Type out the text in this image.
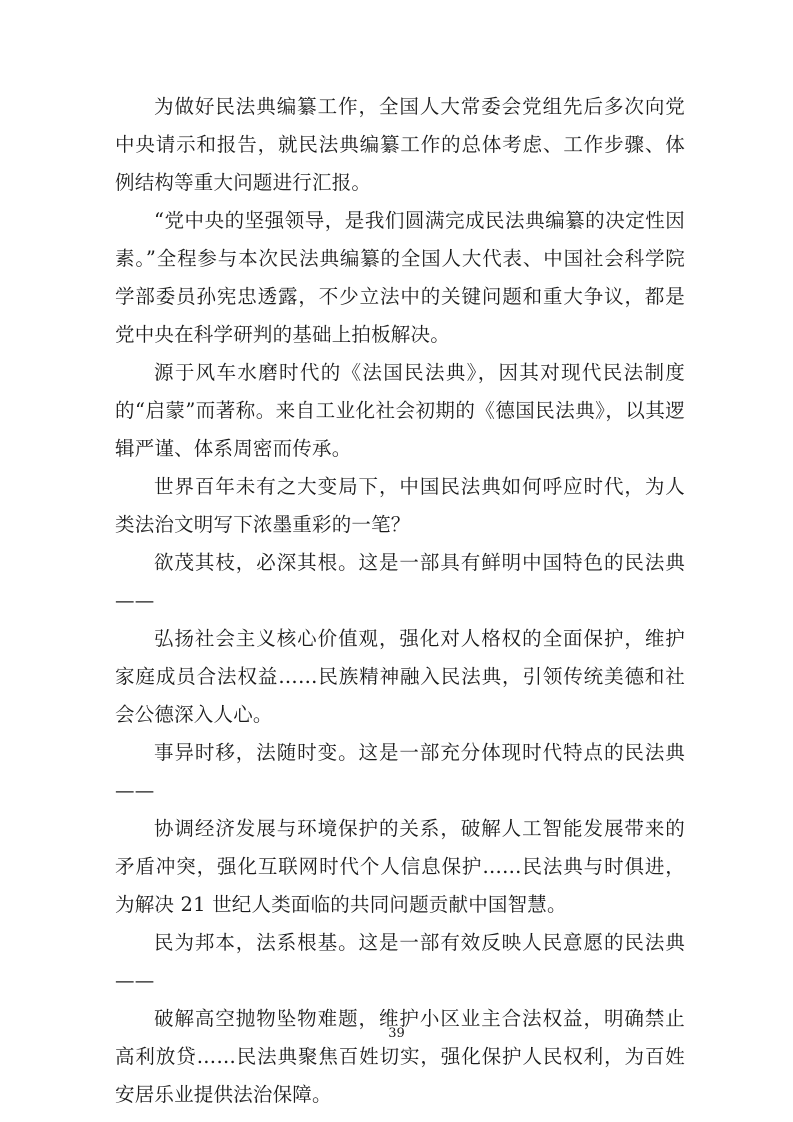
为做好民法典编纂工作，全国人大常委会党组先后多次向党中央请示和报告，就民法典编纂工作的总体考虑、工作步骤、体例结构等重大问题进行汇报。

“党中央的坚强领导，是我们圆满完成民法典编纂的决定性因素。”全程参与本次民法典编纂的全国人大代表、中国社会科学院学部委员孙宪忠透露，不少立法中的关键问题和重大争议，都是党中央在科学研判的基础上拍板解决。

源于风车水磨时代的《法国民法典》，因其对现代民法制度的“启蒙”而著称。来自工业化社会初期的《德国民法典》，以其逻辑严谨、体系周密而传承。

世界百年未有之大变局下，中国民法典如何呼应时代，为人类法治文明写下浓墨重彩的一笔？

欲茂其枝，必深其根。这是一部具有鲜明中国特色的民法典——

弘扬社会主义核心价值观，强化对人格权的全面保护，维护家庭成员合法权益……民族精神融入民法典，引领传统美德和社会公德深入人心。

事异时移，法随时变。这是一部充分体现时代特点的民法典——

协调经济发展与环境保护的关系，破解人工智能发展带来的矛盾冲突，强化互联网时代个人信息保护……民法典与时俱进，为解决 21 世纪人类面临的共同问题贡献中国智慧。

民为邦本，法系根基。这是一部有效反映人民意愿的民法典——

破解高空抛物坠物难题，维护小区业主合法权益，明确禁止高利放贷……民法典聚焦百姓切实，强化保护人民权利，为百姓安居乐业提供法治保障。

39
